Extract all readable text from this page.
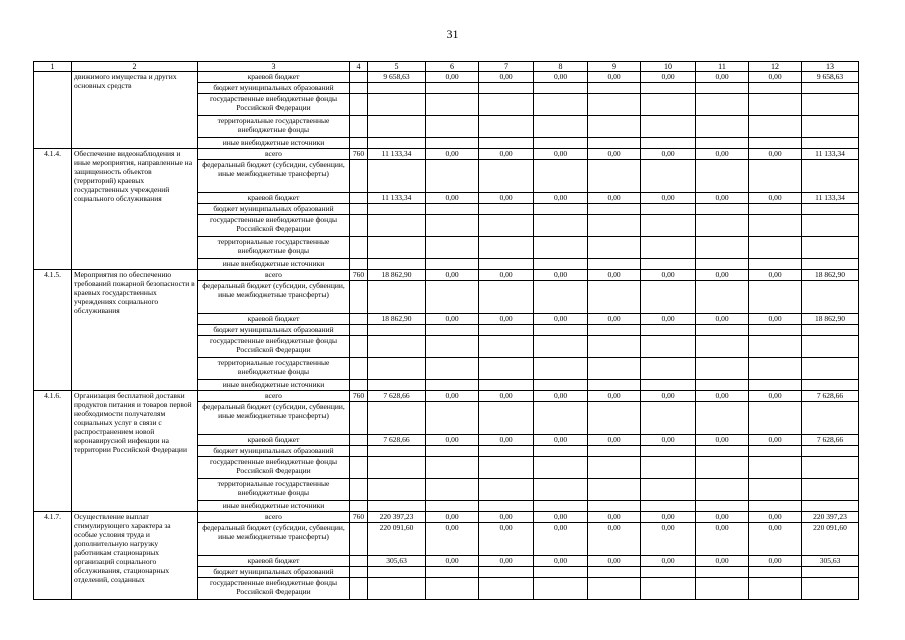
31
1	2	3	4	5	6	7	8	9	10	11	12	13
	движимого имущества и других основных средств	краевой бюджет		9 658,63	0,00	0,00	0,00	0,00	0,00	0,00	0,00	9 658,63
		бюджет муниципальных образований										
		государственные внебюджетные фонды Российской Федерации										
		территориальные государственные внебюджетные фонды										
		иные внебюджетные источники										
4.1.4.	Обеспечение видеонаблюдения и иные мероприятия, направленные на защищенность объектов (территорий) краевых государственных учреждений социального обслуживания	всего	760	11 133,34	0,00	0,00	0,00	0,00	0,00	0,00	0,00	11 133,34
		федеральный бюджет (субсидии, субвенции, иные межбюджетные трансферты)										
		краевой бюджет		11 133,34	0,00	0,00	0,00	0,00	0,00	0,00	0,00	11 133,34
		бюджет муниципальных образований										
		государственные внебюджетные фонды Российской Федерации										
		территориальные государственные внебюджетные фонды										
		иные внебюджетные источники										
4.1.5.	Мероприятия по обеспечению требований пожарной безопасности в краевых государственных учреждениях социального обслуживания	всего	760	18 862,90	0,00	0,00	0,00	0,00	0,00	0,00	0,00	18 862,90
		федеральный бюджет (субсидии, субвенции, иные межбюджетные трансферты)										
		краевой бюджет		18 862,90	0,00	0,00	0,00	0,00	0,00	0,00	0,00	18 862,90
		бюджет муниципальных образований										
		государственные внебюджетные фонды Российской Федерации										
		территориальные государственные внебюджетные фонды										
		иные внебюджетные источники										
4.1.6.	Организация бесплатной доставки продуктов питания и товаров первой необходимости получателям социальных услуг в связи с распространением новой коронавирусной инфекции на территории Российской Федерации	всего	760	7 628,66	0,00	0,00	0,00	0,00	0,00	0,00	0,00	7 628,66
		федеральный бюджет (субсидии, субвенции, иные межбюджетные трансферты)										
		краевой бюджет		7 628,66	0,00	0,00	0,00	0,00	0,00	0,00	0,00	7 628,66
		бюджет муниципальных образований										
		государственные внебюджетные фонды Российской Федерации										
		территориальные государственные внебюджетные фонды										
		иные внебюджетные источники										
4.1.7.	Осуществление выплат стимулирующего характера за особые условия труда и дополнительную нагрузку работникам стационарных организаций социального обслуживания, стационарных отделений, созданных	всего	760	220 397,23	0,00	0,00	0,00	0,00	0,00	0,00	0,00	220 397,23
		федеральный бюджет (субсидии, субвенции, иные межбюджетные трансферты)		220 091,60	0,00	0,00	0,00	0,00	0,00	0,00	0,00	220 091,60
		краевой бюджет		305,63	0,00	0,00	0,00	0,00	0,00	0,00	0,00	305,63
		бюджет муниципальных образований										
		государственные внебюджетные фонды Российской Федерации										
